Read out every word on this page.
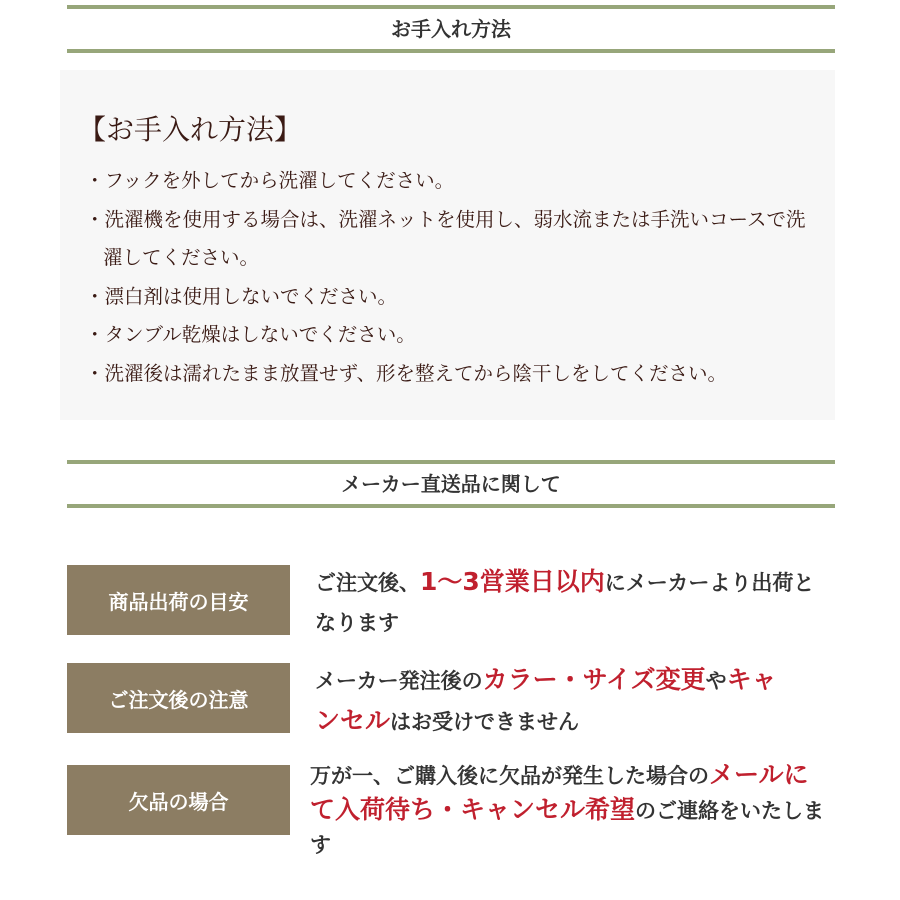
お手入れ方法
【お手入れ方法】
・フックを外してから洗濯してください。
・洗濯機を使用する場合は、洗濯ネットを使用し、弱水流または手洗いコースで洗濯してください。
・漂白剤は使用しないでください。
・タンブル乾燥はしないでください。
・洗濯後は濡れたまま放置せず、形を整えてから陰干しをしてください。
メーカー直送品に関して
商品出荷の目安
ご注文後、1～3営業日以内にメーカーより出荷となります
ご注文後の注意
メーカー発注後のカラー・サイズ変更やキャンセルはお受けできません
欠品の場合
万が一、ご購入後に欠品が発生した場合のメールにて入荷待ち・キャンセル希望のご連絡をいたします
